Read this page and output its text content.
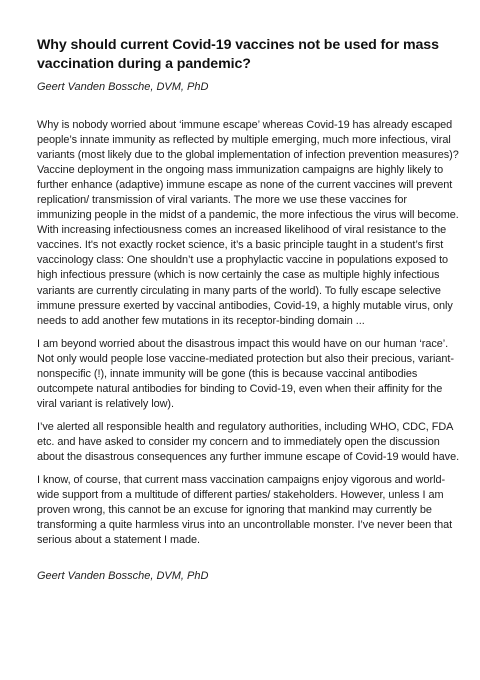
Why should current Covid-19 vaccines not be used for mass vaccination during a pandemic?
Geert Vanden Bossche, DVM, PhD

Why is nobody worried about ‘immune escape’ whereas Covid-19 has already escaped people’s innate immunity as reflected by multiple emerging, much more infectious, viral variants (most likely due to the global implementation of infection prevention measures)? Vaccine deployment in the ongoing mass immunization campaigns are highly likely to further enhance (adaptive) immune escape as none of the current vaccines will prevent replication/ transmission of viral variants. The more we use these vaccines for immunizing people in the midst of a pandemic, the more infectious the virus will become. With increasing infectiousness comes an increased likelihood of viral resistance to the vaccines. It's not exactly rocket science, it’s a basic principle taught in a student’s first vaccinology class: One shouldn’t use a prophylactic vaccine in populations exposed to high infectious pressure (which is now certainly the case as multiple highly infectious variants are currently circulating in many parts of the world). To fully escape selective immune pressure exerted by vaccinal antibodies, Covid-19, a highly mutable virus, only needs to add another few mutations in its receptor-binding domain ...

I am beyond worried about the disastrous impact this would have on our human ‘race’. Not only would people lose vaccine-mediated protection but also their precious, variant-nonspecific (!), innate immunity will be gone (this is because vaccinal antibodies outcompete natural antibodies for binding to Covid-19, even when their affinity for the viral variant is relatively low).

I’ve alerted all responsible health and regulatory authorities, including WHO, CDC, FDA etc. and have asked to consider my concern and to immediately open the discussion about the disastrous consequences any further immune escape of Covid-19 would have.

I know, of course, that current mass vaccination campaigns enjoy vigorous and world-wide support from a multitude of different parties/ stakeholders. However, unless I am proven wrong, this cannot be an excuse for ignoring that mankind may currently be transforming a quite harmless virus into an uncontrollable monster. I’ve never been that serious about a statement I made.

Geert Vanden Bossche, DVM, PhD
